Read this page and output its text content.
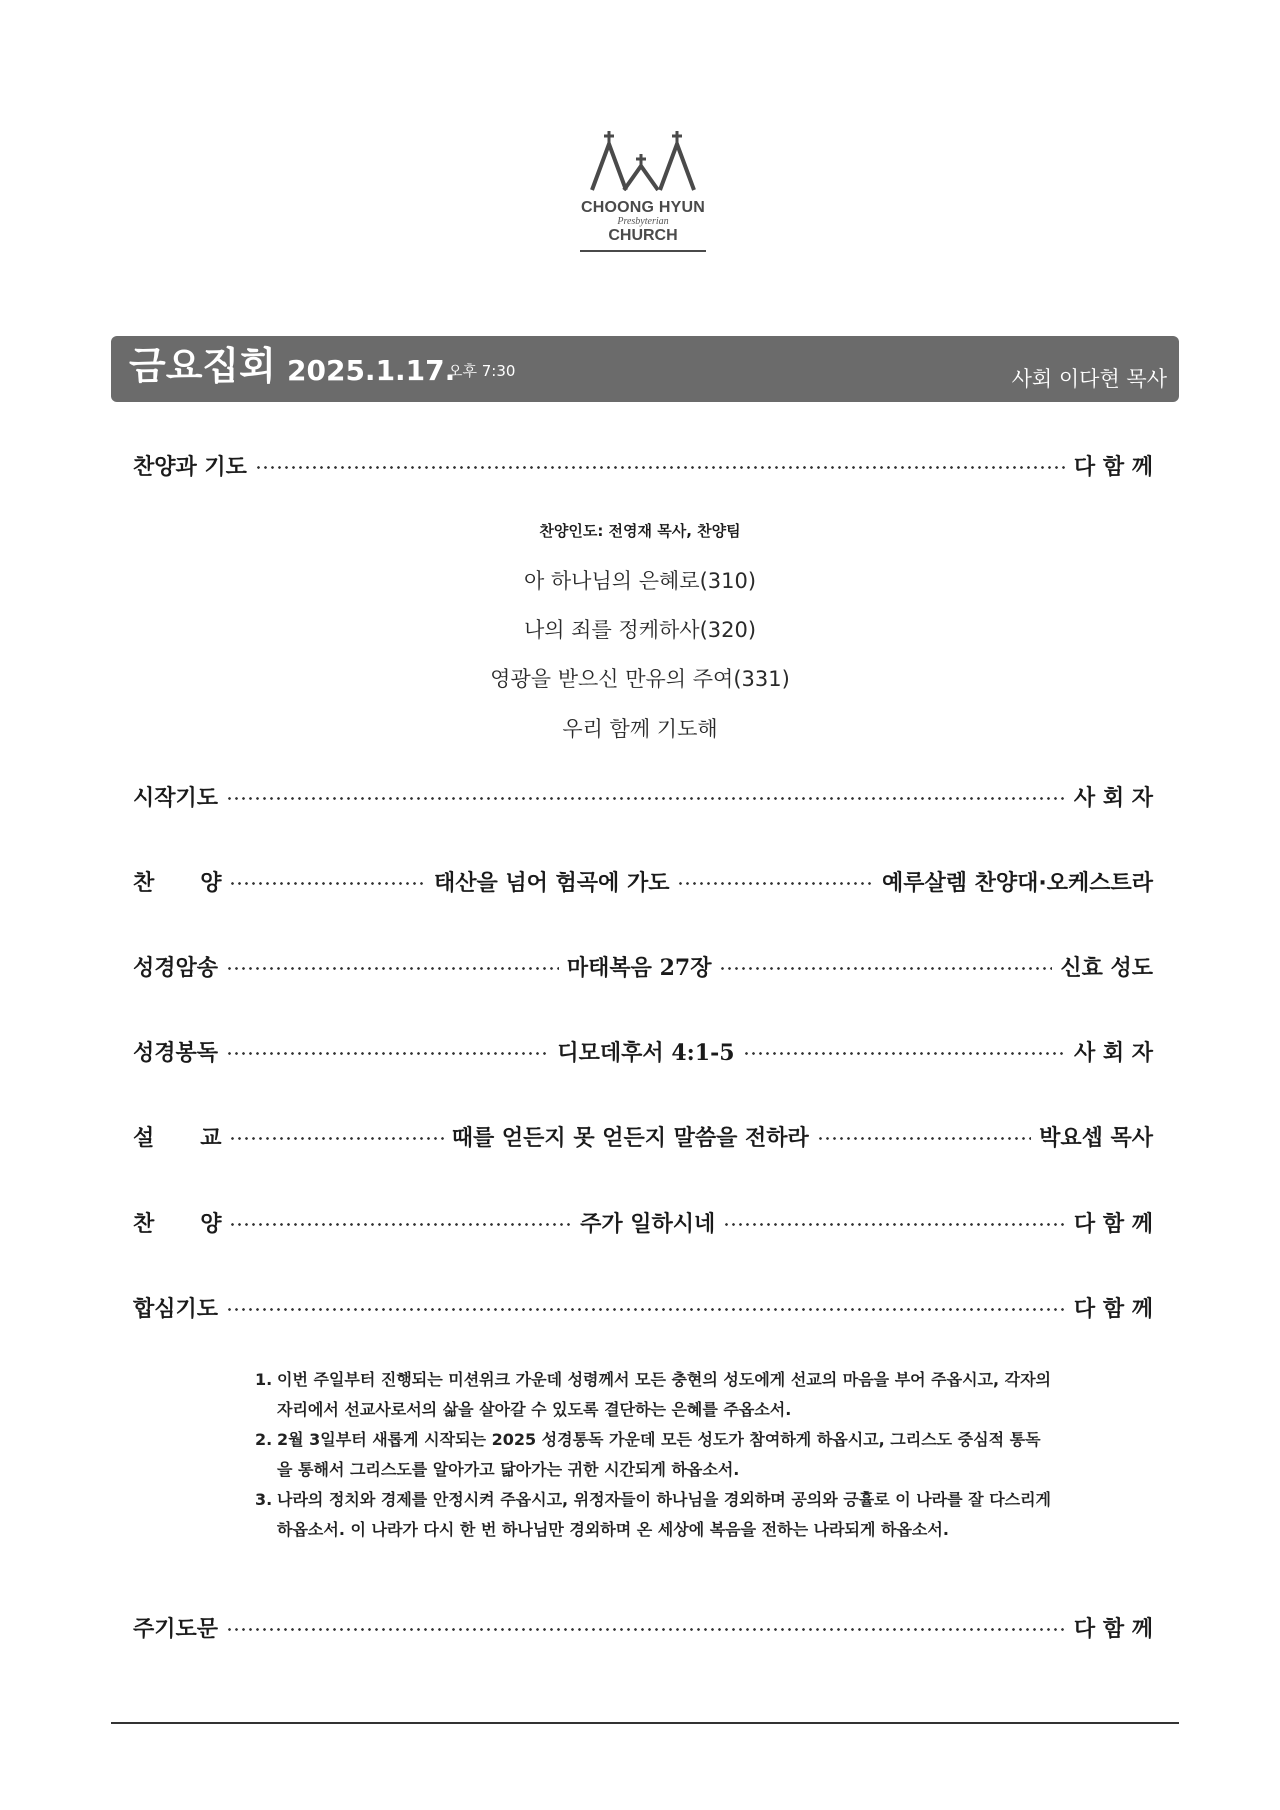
CHOONG HYUN
Presbyterian
CHURCH
금요집회 2025.1.17.
오후 7:30	사회 이다현 목사
찬양과 기도	다 함 께
찬양인도: 전영재 목사, 찬양팀
아 하나님의 은혜로(310)
나의 죄를 정케하사(320)
영광을 받으신 만유의 주여(331)
우리 함께 기도해
시작기도	사 회 자
찬      양	태산을 넘어 험곡에 가도	예루살렘 찬양대·오케스트라
성경암송	마태복음 27장	신효 성도
성경봉독	디모데후서 4:1-5	사 회 자
설      교	때를 얻든지 못 얻든지 말씀을 전하라	박요셉 목사
찬      양	주가 일하시네	다 함 께
합심기도	다 함 께
1. 이번 주일부터 진행되는 미션위크 가운데 성령께서 모든 충현의 성도에게 선교의 마음을 부어 주옵시고, 각자의 자리에서 선교사로서의 삶을 살아갈 수 있도록 결단하는 은혜를 주옵소서.
2. 2월 3일부터 새롭게 시작되는 2025 성경통독 가운데 모든 성도가 참여하게 하옵시고, 그리스도 중심적 통독을 통해서 그리스도를 알아가고 닮아가는 귀한 시간되게 하옵소서.
3. 나라의 정치와 경제를 안정시켜 주옵시고, 위정자들이 하나님을 경외하며 공의와 긍휼로 이 나라를 잘 다스리게 하옵소서. 이 나라가 다시 한 번 하나님만 경외하며 온 세상에 복음을 전하는 나라되게 하옵소서.
주기도문	다 함 께
